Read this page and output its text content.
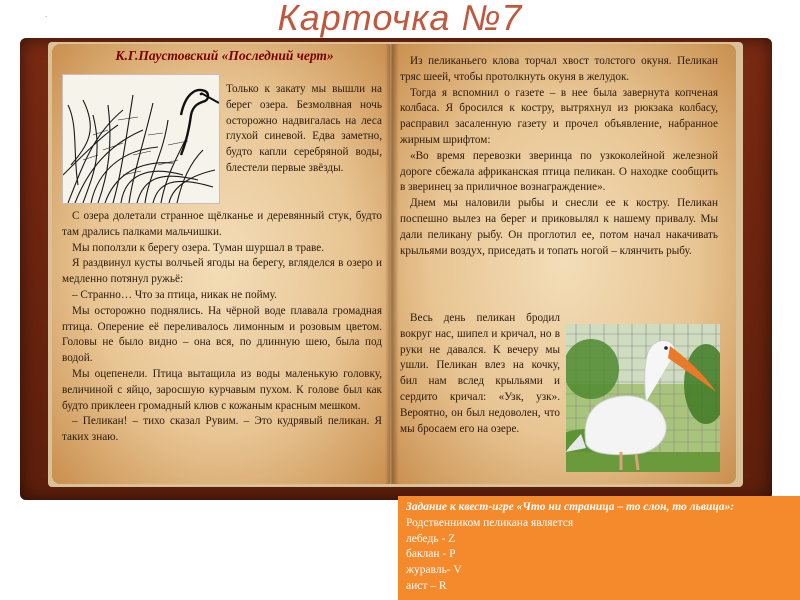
Карточка №7
.
К.Г.Паустовский «Последний черт»
Только к закату мы вышли на берег озера. Безмолвная ночь осторожно надвигалась на леса глухой синевой. Едва заметно, будто капли серебряной воды, блестели первые звёзды.

С озера долетали странное щёлканье и деревянный стук, будто там дрались палками мальчишки.

Мы поползли к берегу озера. Туман шуршал в траве.

Я раздвинул кусты волчьей ягоды на берегу, вгляделся в озеро и медленно потянул ружьё:

– Странно… Что за птица, никак не пойму.

Мы осторожно поднялись. На чёрной воде плавала громадная птица. Оперение её переливалось лимонным и розовым цветом. Головы не было видно – она вся, по длинную шею, была под водой.

Мы оцепенели. Птица вытащила из воды маленькую головку, величиной с яйцо, заросшую курчавым пухом. К голове был как будто приклеен громадный клюв с кожаным красным мешком.

– Пеликан! – тихо сказал Рувим. – Это кудрявый пеликан. Я таких знаю.

Из пеликаньего клова торчал хвост толстого окуня. Пеликан тряс шеей, чтобы протолкнуть окуня в желудок.

Тогда я вспомнил о газете – в нее была завернута копченая колбаса. Я бросился к костру, вытряхнул из рюкзака колбасу, расправил засаленную газету и прочел объявление, набранное жирным шрифтом:

«Во время перевозки зверинца по узкоколейной железной дороге сбежала африканская птица пеликан. О находке сообщить в зверинец за приличное вознаграждение».

Днем мы наловили рыбы и снесли ее к костру. Пеликан поспешно вылез на берег и приковылял к нашему привалу. Мы дали пеликану рыбу. Он проглотил ее, потом начал накачивать крыльями воздух, приседать и топать ногой – клянчить рыбу.

Весь день пеликан бродил вокруг нас, шипел и кричал, но в руки не давался. К вечеру мы ушли. Пеликан влез на кочку, бил нам вслед крыльями и сердито кричал: «Узк, узк». Вероятно, он был недоволен, что мы бросаем его на озере.

Задание к квест-игре «Что ни страница – то слон, то львица»:
Родственником пеликана является
лебедь - Z
баклан - P
журавль- V
аист – R
